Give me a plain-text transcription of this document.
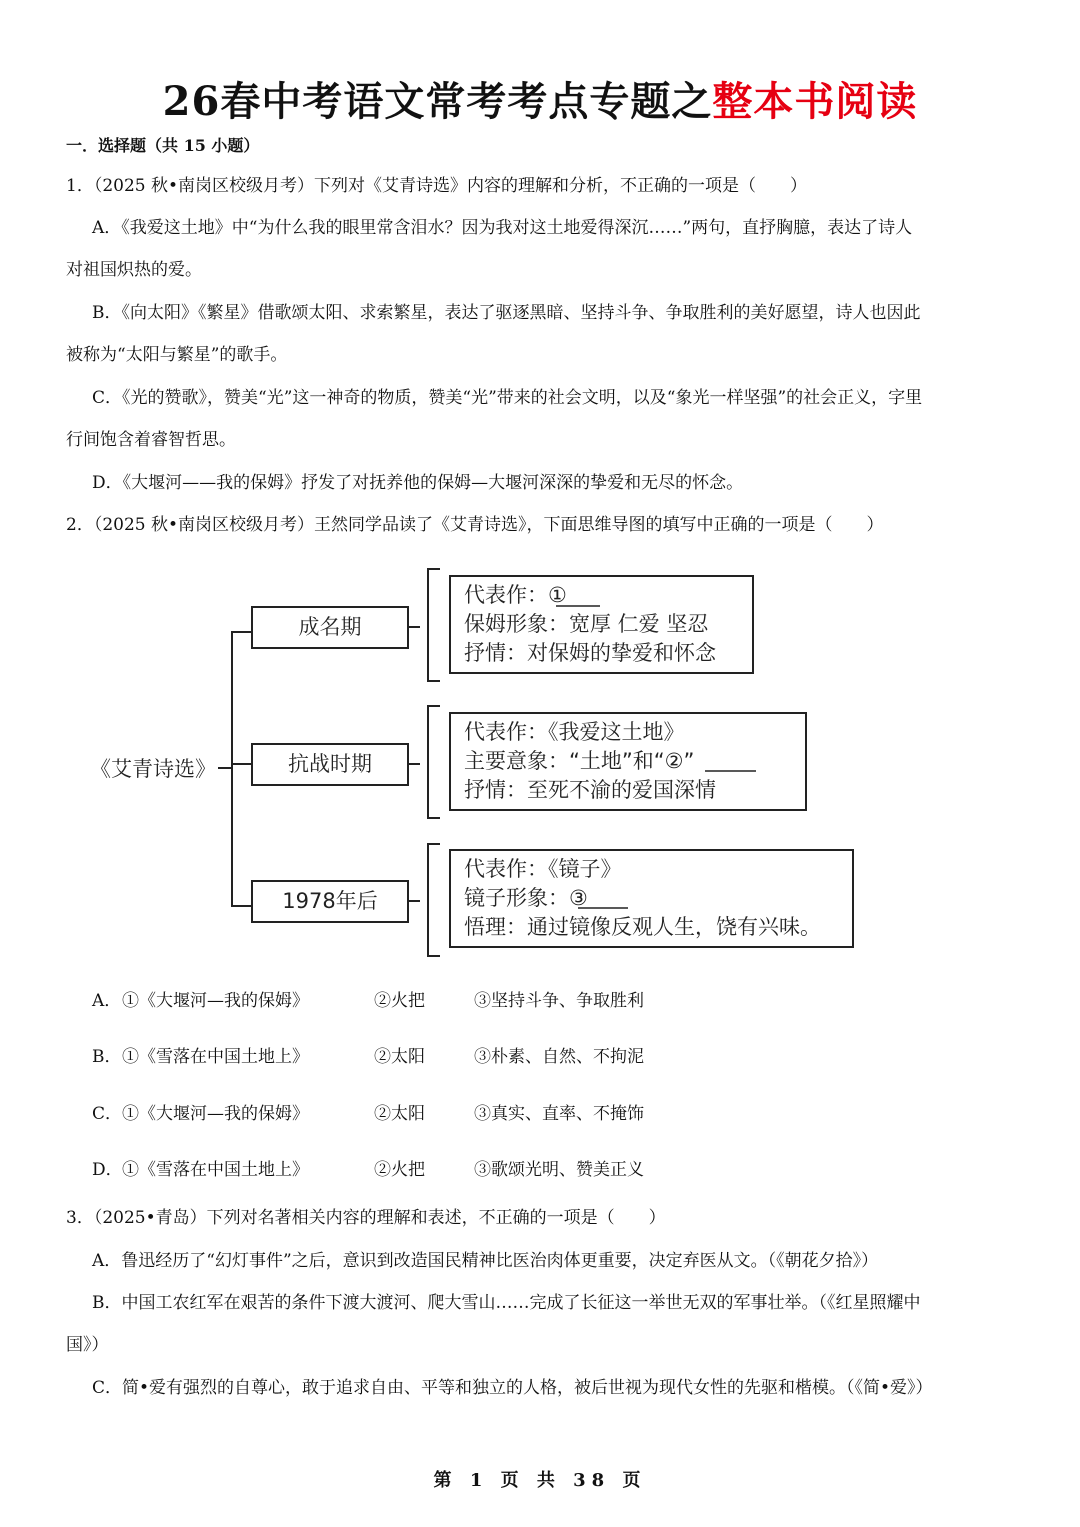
26春中考语文常考考点专题之整本书阅读
一．选择题（共 15 小题）
1．（2025 秋•南岗区校级月考）下列对《艾青诗选》内容的理解和分析，不正确的一项是（　　）
A．《我爱这土地》中“为什么我的眼里常含泪水？因为我对这土地爱得深沉……”两句，直抒胸臆，表达了诗人
对祖国炽热的爱。
B．《向太阳》《繁星》借歌颂太阳、求索繁星，表达了驱逐黑暗、坚持斗争、争取胜利的美好愿望，诗人也因此
被称为“太阳与繁星”的歌手。
C．《光的赞歌》，赞美“光”这一神奇的物质，赞美“光”带来的社会文明，以及“象光一样坚强”的社会正义，字里
行间饱含着睿智哲思。
D．《大堰河——我的保姆》抒发了对抚养他的保姆—大堰河深深的挚爱和无尽的怀念。
2．（2025 秋•南岗区校级月考）王然同学品读了《艾青诗选》，下面思维导图的填写中正确的一项是（　　）
《艾青诗选》
成名期
抗战时期
1978年后
代表作：①
保姆形象：宽厚 仁爱 坚忍
抒情：对保姆的挚爱和怀念
代表作：《我爱这土地》
主要意象：“土地”和“②”
抒情：至死不渝的爱国深情
代表作：《镜子》
镜子形象：③
悟理：通过镜像反观人生，饶有兴味。
A．①《大堰河—我的保姆》	②火把	③坚持斗争、争取胜利
B．①《雪落在中国土地上》	②太阳	③朴素、自然、不拘泥
C．①《大堰河—我的保姆》	②太阳	③真实、直率、不掩饰
D．①《雪落在中国土地上》	②火把	③歌颂光明、赞美正义
3．（2025•青岛）下列对名著相关内容的理解和表述，不正确的一项是（　　）
A．鲁迅经历了“幻灯事件”之后，意识到改造国民精神比医治肉体更重要，决定弃医从文。（《朝花夕拾》）
B．中国工农红军在艰苦的条件下渡大渡河、爬大雪山……完成了长征这一举世无双的军事壮举。（《红星照耀中
国》）
C．简•爱有强烈的自尊心，敢于追求自由、平等和独立的人格，被后世视为现代女性的先驱和楷模。（《简•爱》）
第 1 页 共 38 页
